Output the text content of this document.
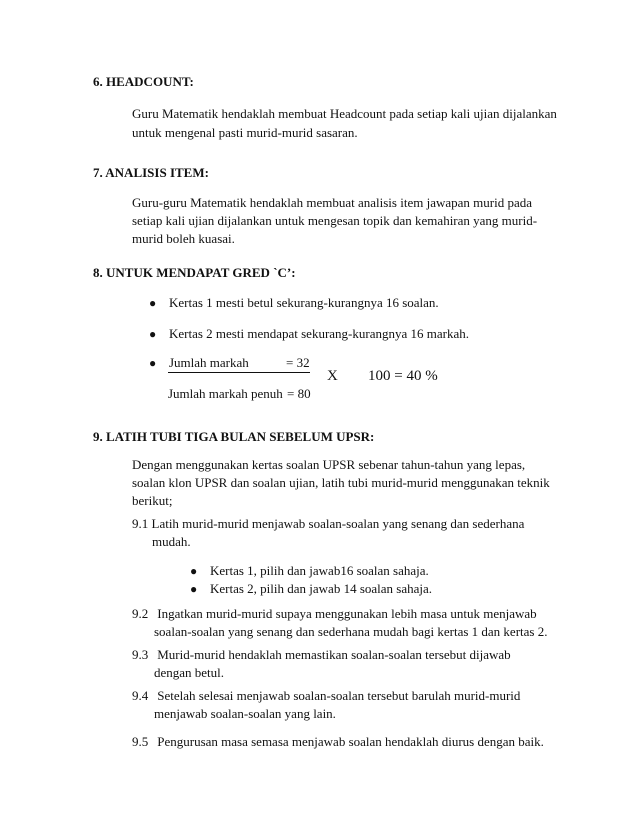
6. HEADCOUNT:
Guru Matematik hendaklah membuat Headcount pada setiap kali ujian dijalankan
untuk mengenal pasti murid-murid sasaran.
7. ANALISIS ITEM:
Guru-guru Matematik hendaklah membuat analisis item jawapan murid pada
setiap kali ujian dijalankan untuk mengesan topik dan kemahiran yang murid-
murid boleh kuasai.
8. UNTUK MENDAPAT GRED `C’:
● Kertas 1 mesti betul sekurang-kurangnya 16 soalan.
● Kertas 2 mesti mendapat sekurang-kurangnya 16 markah.
● Jumlah markah	= 32
Jumlah markah penuh = 80
X 100 = 40 %
9. LATIH TUBI TIGA BULAN SEBELUM UPSR:
Dengan menggunakan kertas soalan UPSR sebenar tahun-tahun yang lepas,
soalan klon UPSR dan soalan ujian, latih tubi murid-murid menggunakan teknik
berikut;
9.1 Latih murid-murid menjawab soalan-soalan yang senang dan sederhana
mudah.
● Kertas 1, pilih dan jawab16 soalan sahaja.
● Kertas 2, pilih dan jawab 14 soalan sahaja.
9.2 Ingatkan murid-murid supaya menggunakan lebih masa untuk menjawab
soalan-soalan yang senang dan sederhana mudah bagi kertas 1 dan kertas 2.
9.3 Murid-murid hendaklah memastikan soalan-soalan tersebut dijawab
dengan betul.
9.4 Setelah selesai menjawab soalan-soalan tersebut barulah murid-murid
menjawab soalan-soalan yang lain.
9.5 Pengurusan masa semasa menjawab soalan hendaklah diurus dengan baik.
